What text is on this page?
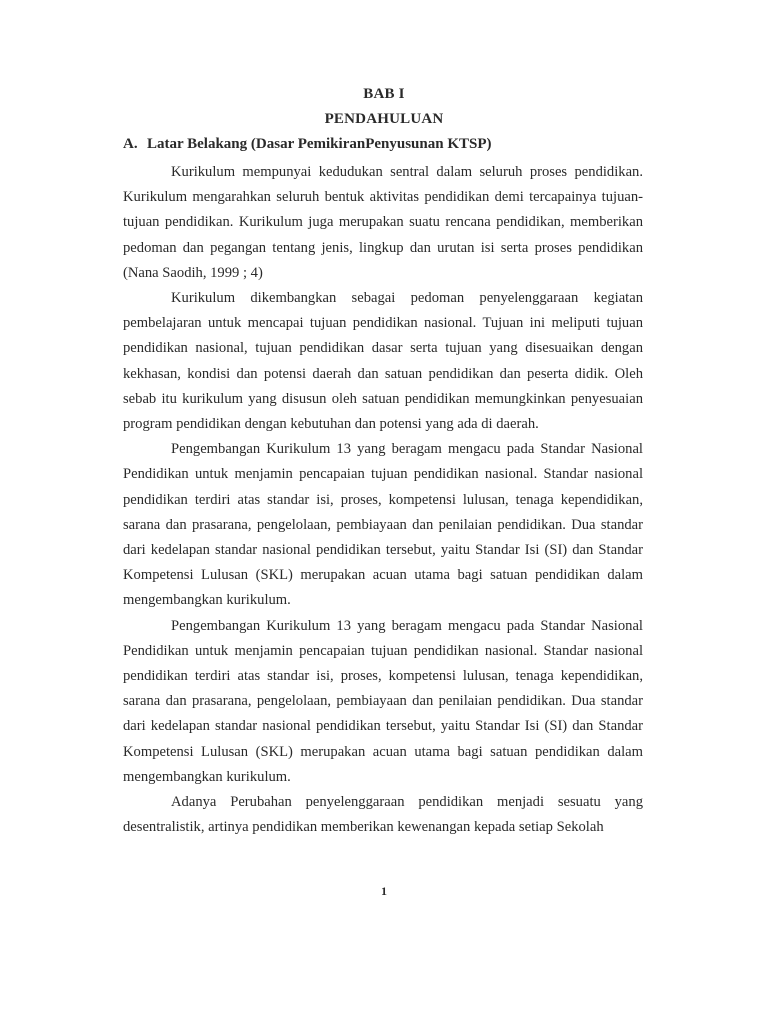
BAB I
PENDAHULUAN
A. Latar Belakang (Dasar PemikiranPenyusunan KTSP)

Kurikulum mempunyai kedudukan sentral dalam seluruh proses pendidikan. Kurikulum mengarahkan seluruh bentuk aktivitas pendidikan demi tercapainya tujuan-tujuan pendidikan. Kurikulum juga merupakan suatu rencana pendidikan, memberikan pedoman dan pegangan tentang jenis, lingkup dan urutan isi serta proses pendidikan (Nana Saodih, 1999 ; 4)

Kurikulum dikembangkan sebagai pedoman penyelenggaraan kegiatan pembelajaran untuk mencapai tujuan pendidikan nasional. Tujuan ini meliputi tujuan pendidikan nasional, tujuan pendidikan dasar serta tujuan yang disesuaikan dengan kekhasan, kondisi dan potensi daerah dan satuan pendidikan dan peserta didik. Oleh sebab itu kurikulum yang disusun oleh satuan pendidikan memungkinkan penyesuaian program pendidikan dengan kebutuhan dan potensi yang ada di daerah.

Pengembangan Kurikulum 13 yang beragam mengacu pada Standar Nasional Pendidikan untuk menjamin pencapaian tujuan pendidikan nasional. Standar nasional pendidikan terdiri atas standar isi, proses, kompetensi lulusan, tenaga kependidikan, sarana dan prasarana, pengelolaan, pembiayaan dan penilaian pendidikan. Dua standar dari kedelapan standar nasional pendidikan tersebut, yaitu Standar Isi (SI) dan Standar Kompetensi Lulusan (SKL) merupakan acuan utama bagi satuan pendidikan dalam mengembangkan kurikulum.

Pengembangan Kurikulum 13 yang beragam mengacu pada Standar Nasional Pendidikan untuk menjamin pencapaian tujuan pendidikan nasional. Standar nasional pendidikan terdiri atas standar isi, proses, kompetensi lulusan, tenaga kependidikan, sarana dan prasarana, pengelolaan, pembiayaan dan penilaian pendidikan. Dua standar dari kedelapan standar nasional pendidikan tersebut, yaitu Standar Isi (SI) dan Standar Kompetensi Lulusan (SKL) merupakan acuan utama bagi satuan pendidikan dalam mengembangkan kurikulum.

Adanya Perubahan penyelenggaraan pendidikan menjadi sesuatu yang desentralistik, artinya pendidikan memberikan kewenangan kepada setiap Sekolah

1
